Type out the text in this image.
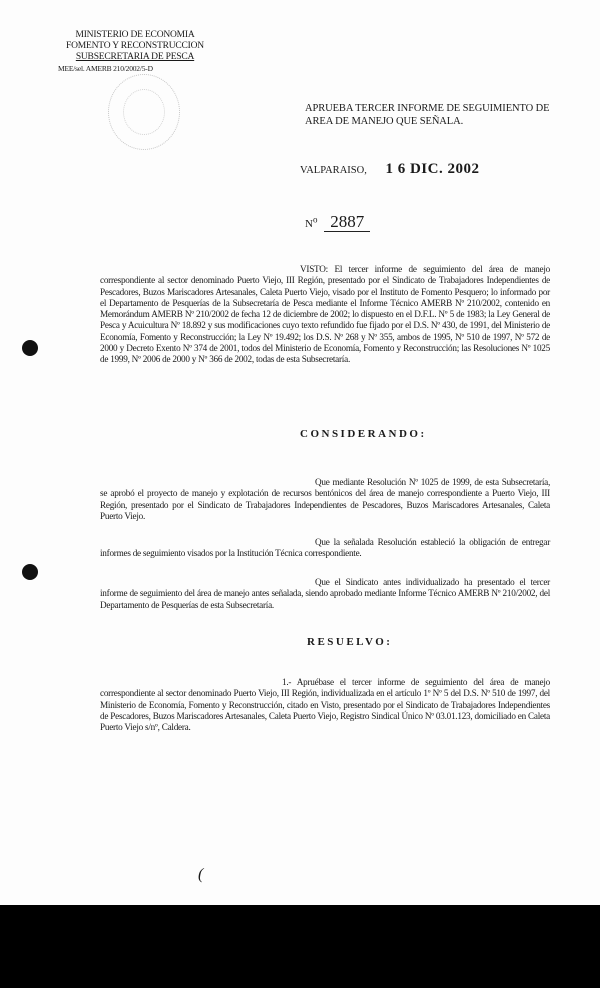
MINISTERIO DE ECONOMIA
FOMENTO Y RECONSTRUCCION
SUBSECRETARIA DE PESCA
MEE/sel. AMERB 210/2002/5-D
APRUEBA TERCER INFORME DE SEGUIMIENTO DE AREA DE MANEJO QUE SEÑALA.
VALPARAISO, 1 6 DIC. 2002
$N^o$ 2887
VISTO: El tercer informe de seguimiento del área de manejo correspondiente al sector denominado Puerto Viejo, III Región, presentado por el Sindicato de Trabajadores Independientes de Pescadores, Buzos Mariscadores Artesanales, Caleta Puerto Viejo, visado por el Instituto de Fomento Pesquero; lo informado por el Departamento de Pesquerías de la Subsecretaría de Pesca mediante el Informe Técnico AMERB Nº 210/2002, contenido en Memorándum AMERB Nº 210/2002 de fecha 12 de diciembre de 2002; lo dispuesto en el D.F.L. Nº 5 de 1983; la Ley General de Pesca y Acuicultura Nº 18.892 y sus modificaciones cuyo texto refundido fue fijado por el D.S. Nº 430, de 1991, del Ministerio de Economía, Fomento y Reconstrucción; la Ley Nº 19.492; los D.S. Nº 268 y Nº 355, ambos de 1995, Nº 510 de 1997, Nº 572 de 2000 y Decreto Exento Nº 374 de 2001, todos del Ministerio de Economía, Fomento y Reconstrucción; las Resoluciones Nº 1025 de 1999, Nº 2006 de 2000 y Nº 366 de 2002, todas de esta Subsecretaría.
CONSIDERANDO:
Que mediante Resolución Nº 1025 de 1999, de esta Subsecretaría, se aprobó el proyecto de manejo y explotación de recursos bentónicos del área de manejo correspondiente a Puerto Viejo, III Región, presentado por el Sindicato de Trabajadores Independientes de Pescadores, Buzos Mariscadores Artesanales, Caleta Puerto Viejo.
Que la señalada Resolución estableció la obligación de entregar informes de seguimiento visados por la Institución Técnica correspondiente.
Que el Sindicato antes individualizado ha presentado el tercer informe de seguimiento del área de manejo antes señalada, siendo aprobado mediante Informe Técnico AMERB Nº 210/2002, del Departamento de Pesquerías de esta Subsecretaría.
RESUELVO:
1.- Apruébase el tercer informe de seguimiento del área de manejo correspondiente al sector denominado Puerto Viejo, III Región, individualizada en el artículo 1º Nº 5 del D.S. Nº 510 de 1997, del Ministerio de Economía, Fomento y Reconstrucción, citado en Visto, presentado por el Sindicato de Trabajadores Independientes de Pescadores, Buzos Mariscadores Artesanales, Caleta Puerto Viejo, Registro Sindical Único Nº 03.01.123, domiciliado en Caleta Puerto Viejo s/nº, Caldera.
(
